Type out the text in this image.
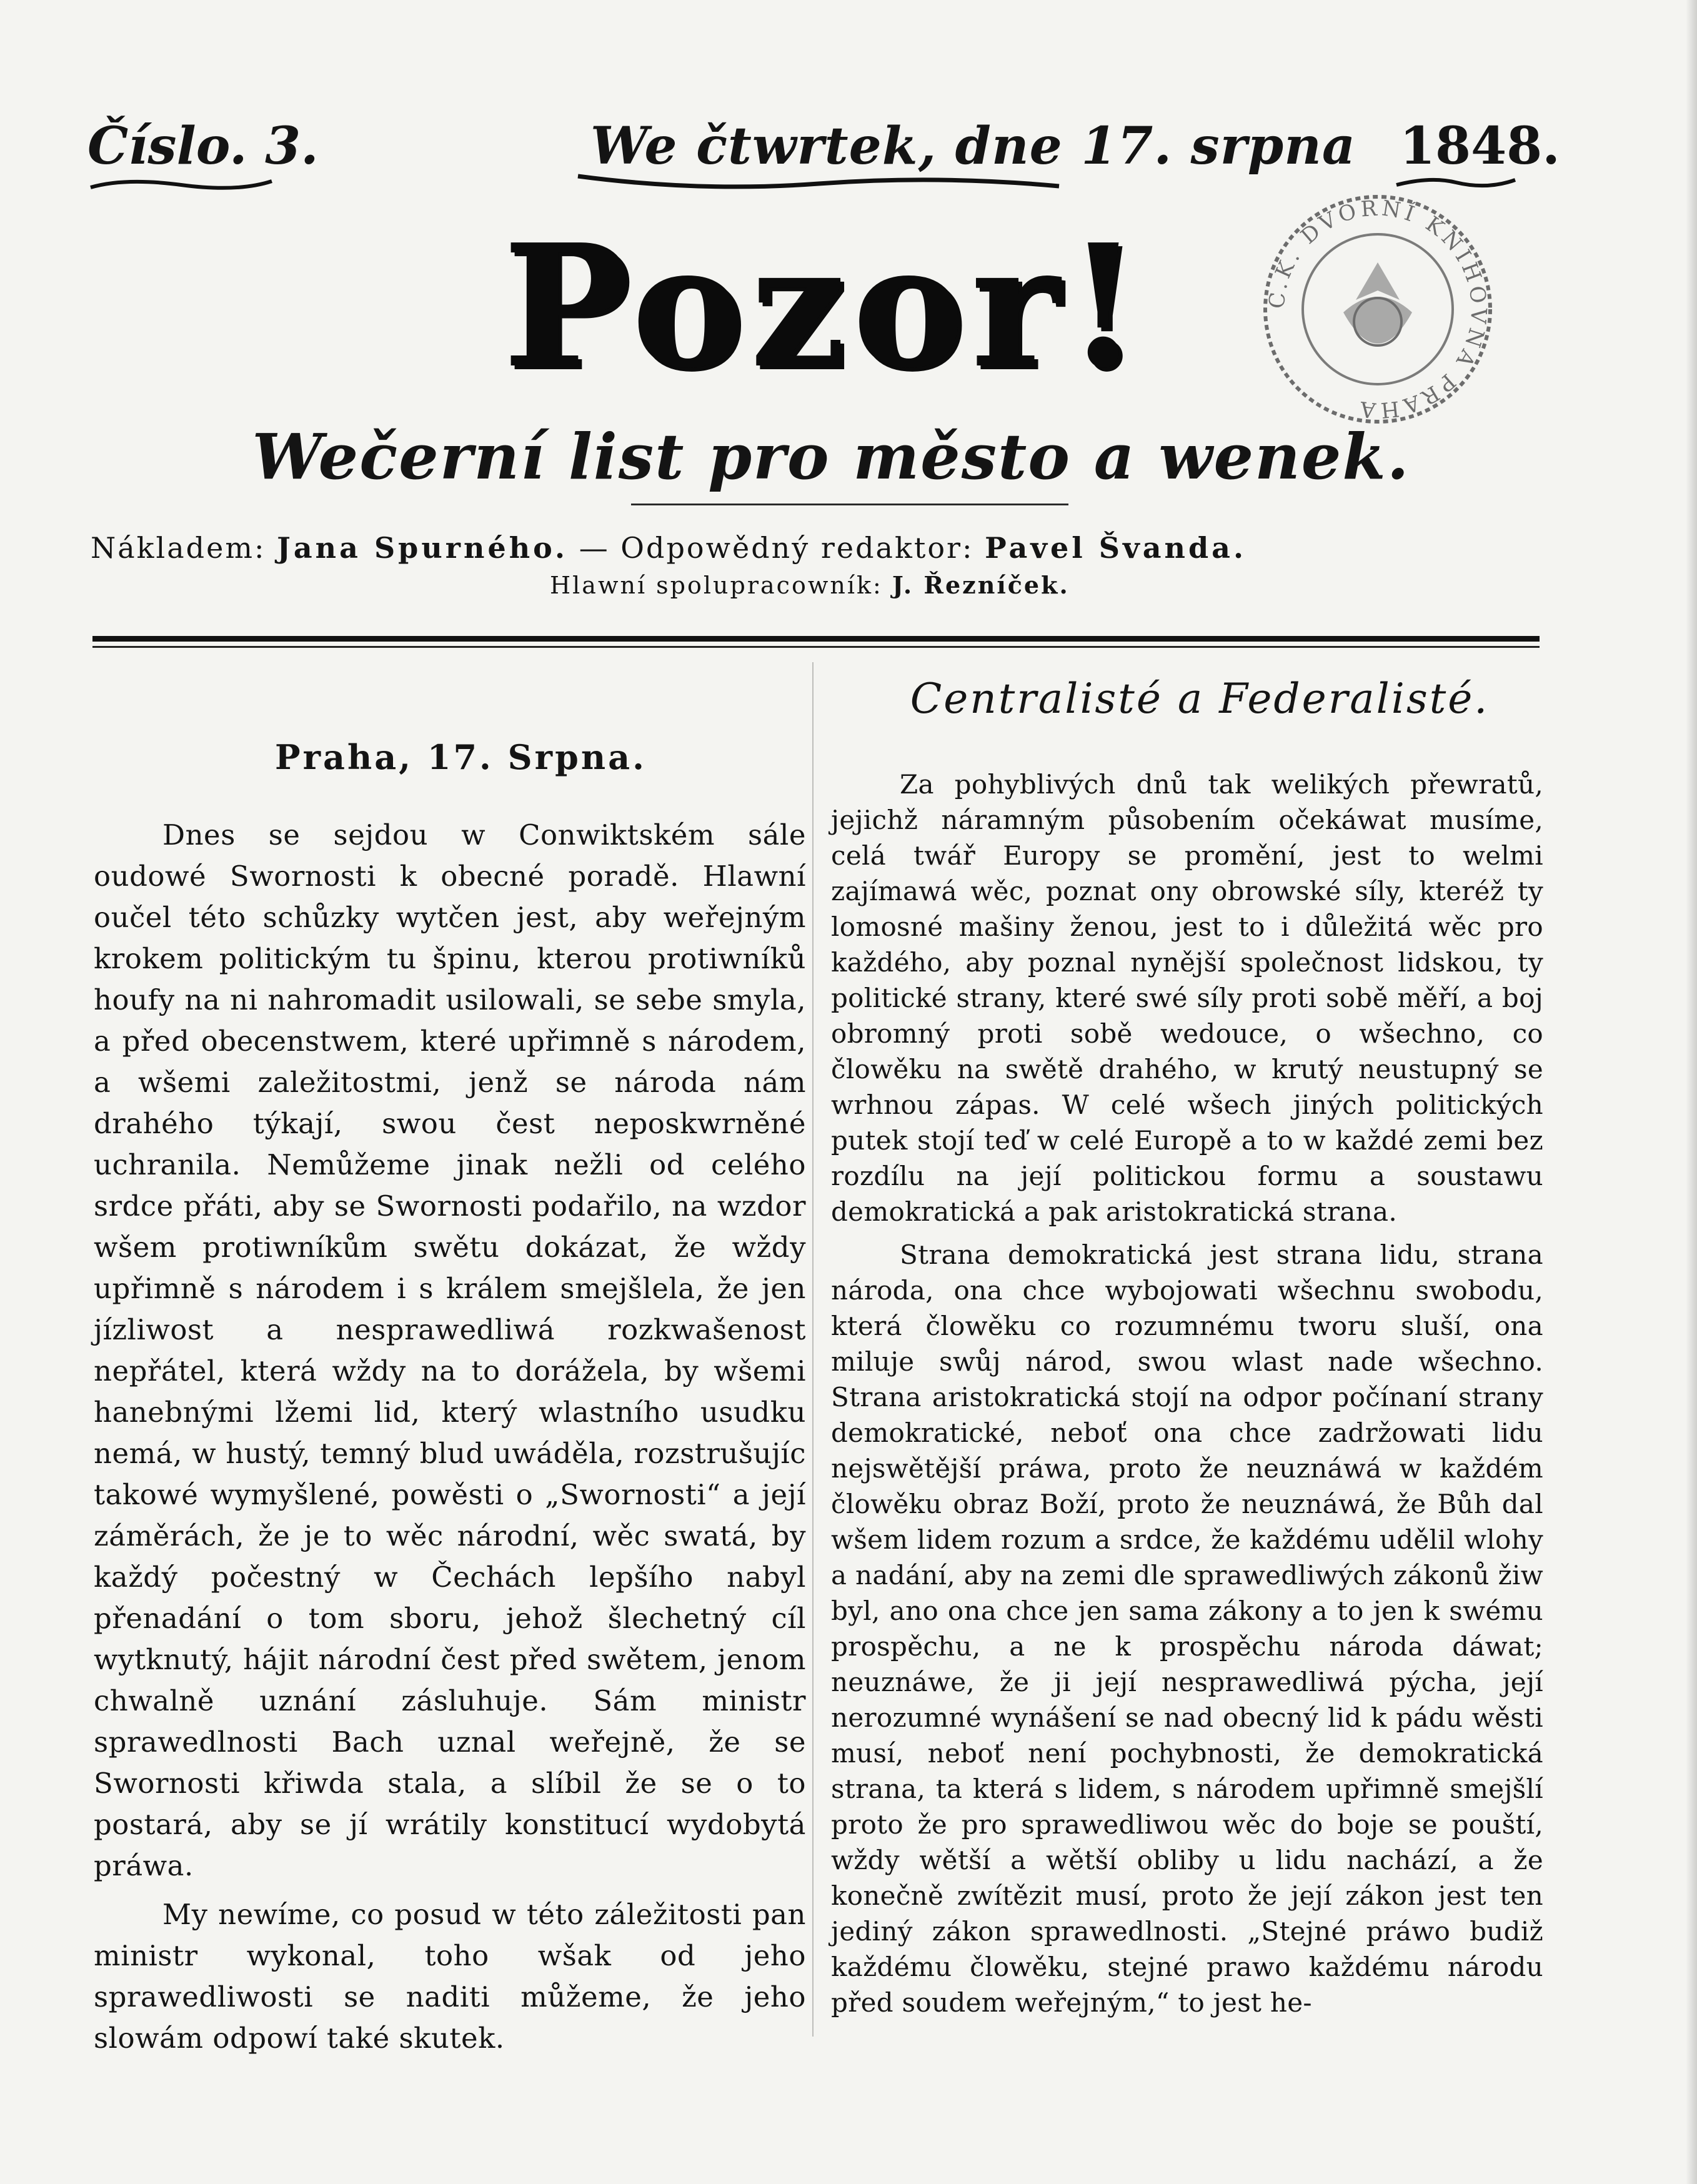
Číslo. 3.	We čtwrtek, dne 17. srpna 1848.
C.K. DVORNÍ KNIHOVNA PRAHA
Pozor!
Wečerní list pro město a wenek.
Nákladem: Jana Spurného. — Odpowědný redaktor: Pavel Švanda.
Hlawní spolupracowník: J. Řezníček.
Praha, 17. Srpna.

Dnes se sejdou w Conwiktském sále oudowé Swornosti k obecné poradě. Hlawní oučel této schůzky wytčen jest, aby weřejným krokem politickým tu špinu, kterou protiwníků houfy na ni nahromadit usilowali, se sebe smyla, a před obecenstwem, které upřimně s národem, a wšemi zaležitostmi, jenž se národa nám drahého týkají, swou čest neposkwrněné uchranila. Nemůžeme jinak nežli od celého srdce přáti, aby se Swornosti podařilo, na wzdor wšem protiwníkům swětu dokázat, že wždy upřimně s národem i s králem smejšlela, že jen jízliwost a nesprawedliwá rozkwašenost nepřátel, která wždy na to dorážela, by wšemi hanebnými lžemi lid, který wlastního usudku nemá, w hustý, temný blud uwáděla, rozstrušujíc takowé wymyšlené, powěsti o „Swornosti“ a její záměrách, že je to wěc národní, wěc swatá, by každý počestný w Čechách lepšího nabyl přenadání o tom sboru, jehož šlechetný cíl wytknutý, hájit národní čest před swětem, jenom chwalně uznání zásluhuje. Sám ministr sprawedlnosti Bach uznal weřejně, že se Swornosti křiwda stala, a slíbil že se o to postará, aby se jí wrátily konstitucí wydobytá práwa.

My newíme, co posud w této záležitosti pan ministr wykonal, toho wšak od jeho sprawedliwosti se naditi můžeme, že jeho slowám odpowí také skutek.

Centralisté a Federalisté.

Za pohyblivých dnů tak welikých přewratů, jejichž náramným působením očekáwat musíme, celá twář Europy se promění, jest to welmi zajímawá wěc, poznat ony obrowské síly, kteréž ty lomosné mašiny ženou, jest to i důležitá wěc pro každého, aby poznal nynější společnost lidskou, ty politické strany, které swé síly proti sobě měří, a boj obromný proti sobě wedouce, o wšechno, co člowěku na swětě drahého, w krutý neustupný se wrhnou zápas. W celé wšech jiných politických putek stojí teď w celé Europě a to w každé zemi bez rozdílu na její politickou formu a soustawu demokratická a pak aristokratická strana.

Strana demokratická jest strana lidu, strana národa, ona chce wybojowati wšechnu swobodu, která člowěku co rozumnému tworu sluší, ona miluje swůj národ, swou wlast nade wšechno. Strana aristokratická stojí na odpor počínaní strany demokratické, neboť ona chce zadržowati lidu nejswětější práwa, proto že neuznáwá w každém člowěku obraz Boží, proto že neuznáwá, že Bůh dal wšem lidem rozum a srdce, že každému udělil wlohy a nadání, aby na zemi dle sprawedliwých zákonů žiw byl, ano ona chce jen sama zákony a to jen k swému prospěchu, a ne k prospěchu národa dáwat; neuznáwe, že ji její nesprawedliwá pýcha, její nerozumné wynášení se nad obecný lid k pádu wěsti musí, neboť není pochybnosti, že demokratická strana, ta která s lidem, s národem upřimně smejšlí proto že pro sprawedliwou wěc do boje se pouští, wždy wětší a wětší obliby u lidu nachází, a že konečně zwítězit musí, proto že její zákon jest ten jediný zákon sprawedlnosti. „Stejné práwo budiž každému člowěku, stejné prawo každému národu před soudem weřejným,“ to jest he-
